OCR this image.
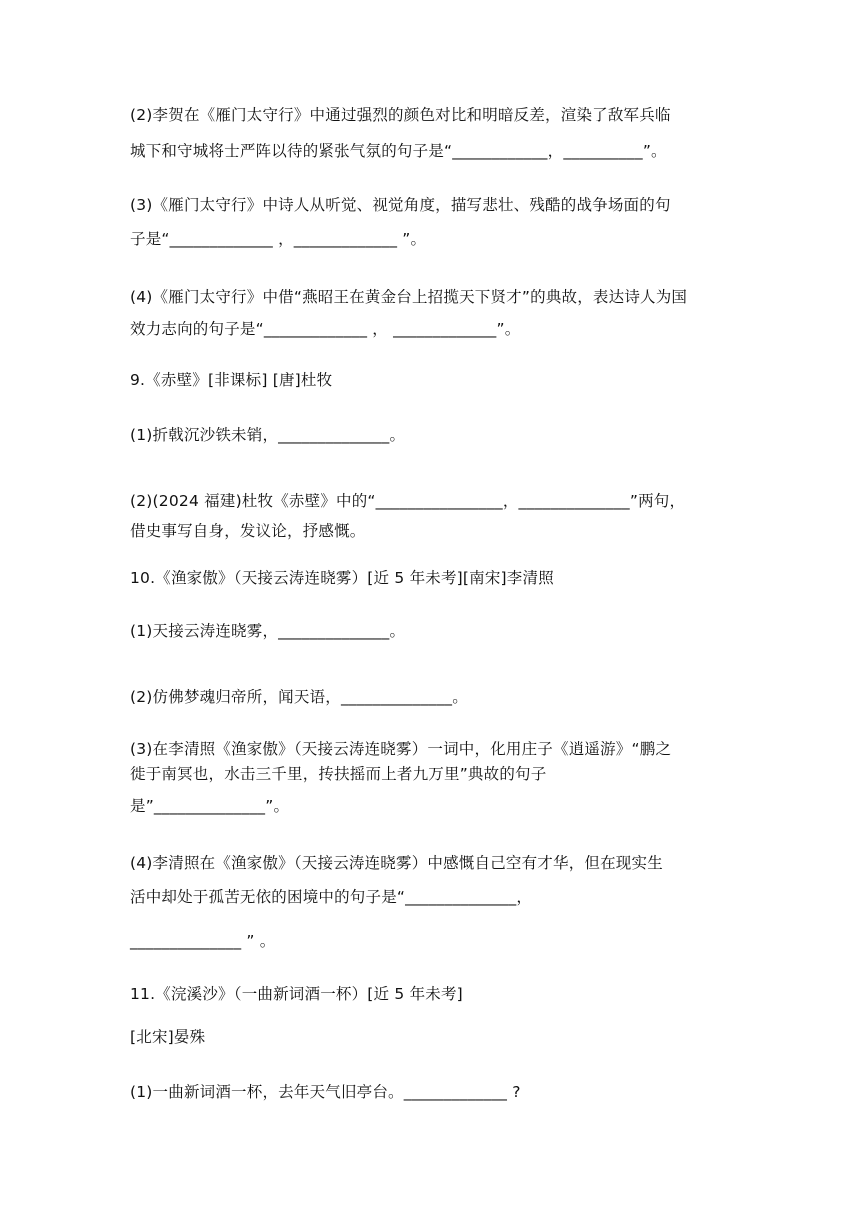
(2)李贺在《雁门太守行》中通过强烈的颜色对比和明暗反差，渲染了敌军兵临
城下和守城将士严阵以待的紧张气氛的句子是“____________，__________”。
(3)《雁门太守行》中诗人从听觉、视觉角度，描写悲壮、残酷的战争场面的句
子是“_____________ ，_____________ ”。
(4)《雁门太守行》中借“燕昭王在黄金台上招揽天下贤才”的典故，表达诗人为国
效力志向的句子是“_____________ ， _____________”。
9.《赤壁》[非课标] [唐]杜牧
(1)折戟沉沙铁未销，______________。
(2)(2024 福建)杜牧《赤壁》中的“________________，______________”两句，
借史事写自身，发议论，抒感慨。
10.《渔家傲》（天接云涛连晓雾）[近 5 年未考][南宋]李清照
(1)天接云涛连晓雾，______________。
(2)仿佛梦魂归帝所，闻天语，______________。
(3)在李清照《渔家傲》（天接云涛连晓雾）一词中，化用庄子《逍遥游》“鹏之
徙于南冥也，水击三千里，抟扶摇而上者九万里”典故的句子
是”______________”。
(4)李清照在《渔家傲》（天接云涛连晓雾）中感慨自己空有才华，但在现实生
活中却处于孤苦无依的困境中的句子是“______________，
______________ ” 。
11.《浣溪沙》（一曲新词酒一杯）[近 5 年未考]
[北宋]晏殊
(1)一曲新词酒一杯，去年天气旧亭台。_____________ ?
